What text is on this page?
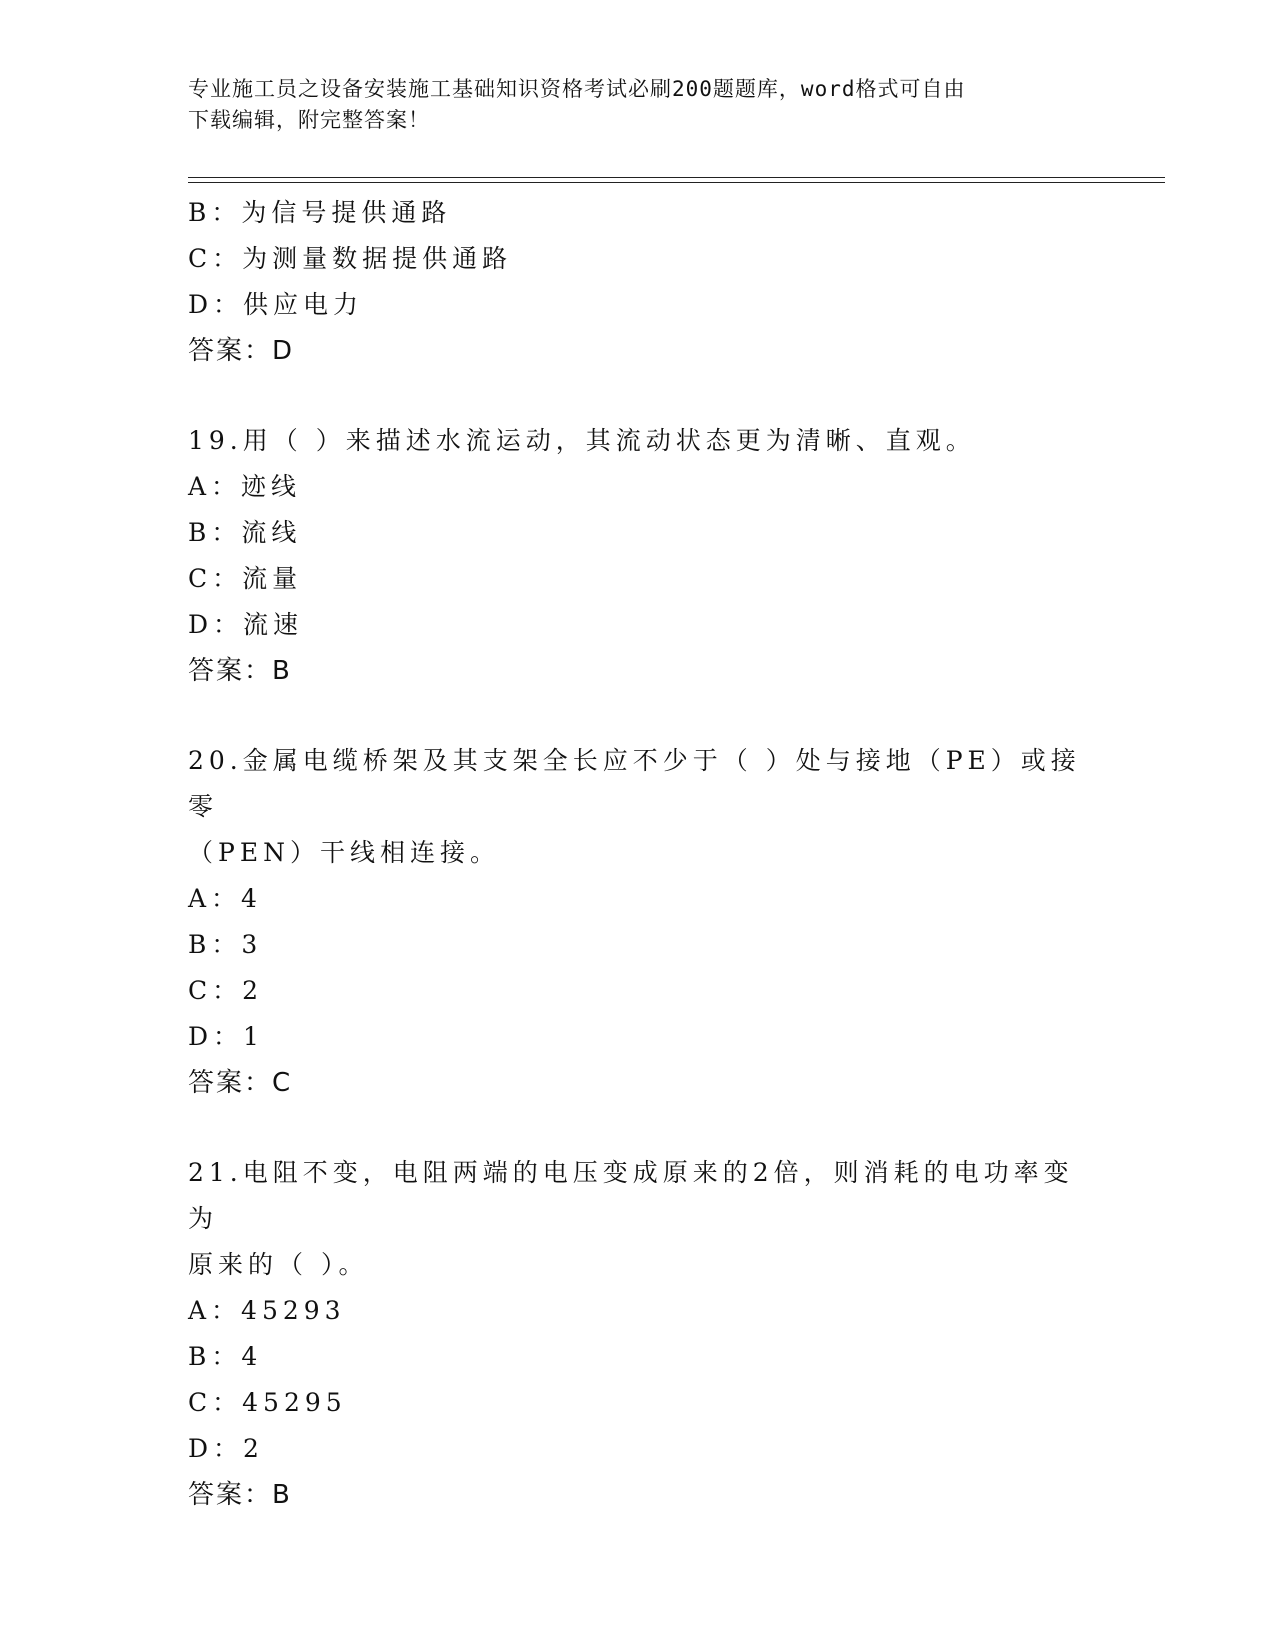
专业施工员之设备安装施工基础知识资格考试必刷200题题库，word格式可自由
下载编辑，附完整答案！
B：为信号提供通路
C：为测量数据提供通路
D：供应电力
答案：D
19.用（ ）来描述水流运动，其流动状态更为清晰、直观。
A：迹线
B：流线
C：流量
D：流速
答案：B
20.金属电缆桥架及其支架全长应不少于（ ）处与接地（PE）或接零
（PEN）干线相连接。
A：4
B：3
C：2
D：1
答案：C
21.电阻不变，电阻两端的电压变成原来的2倍，则消耗的电功率变为
原来的（ ）。
A：45293
B：4
C：45295
D：2
答案：B
